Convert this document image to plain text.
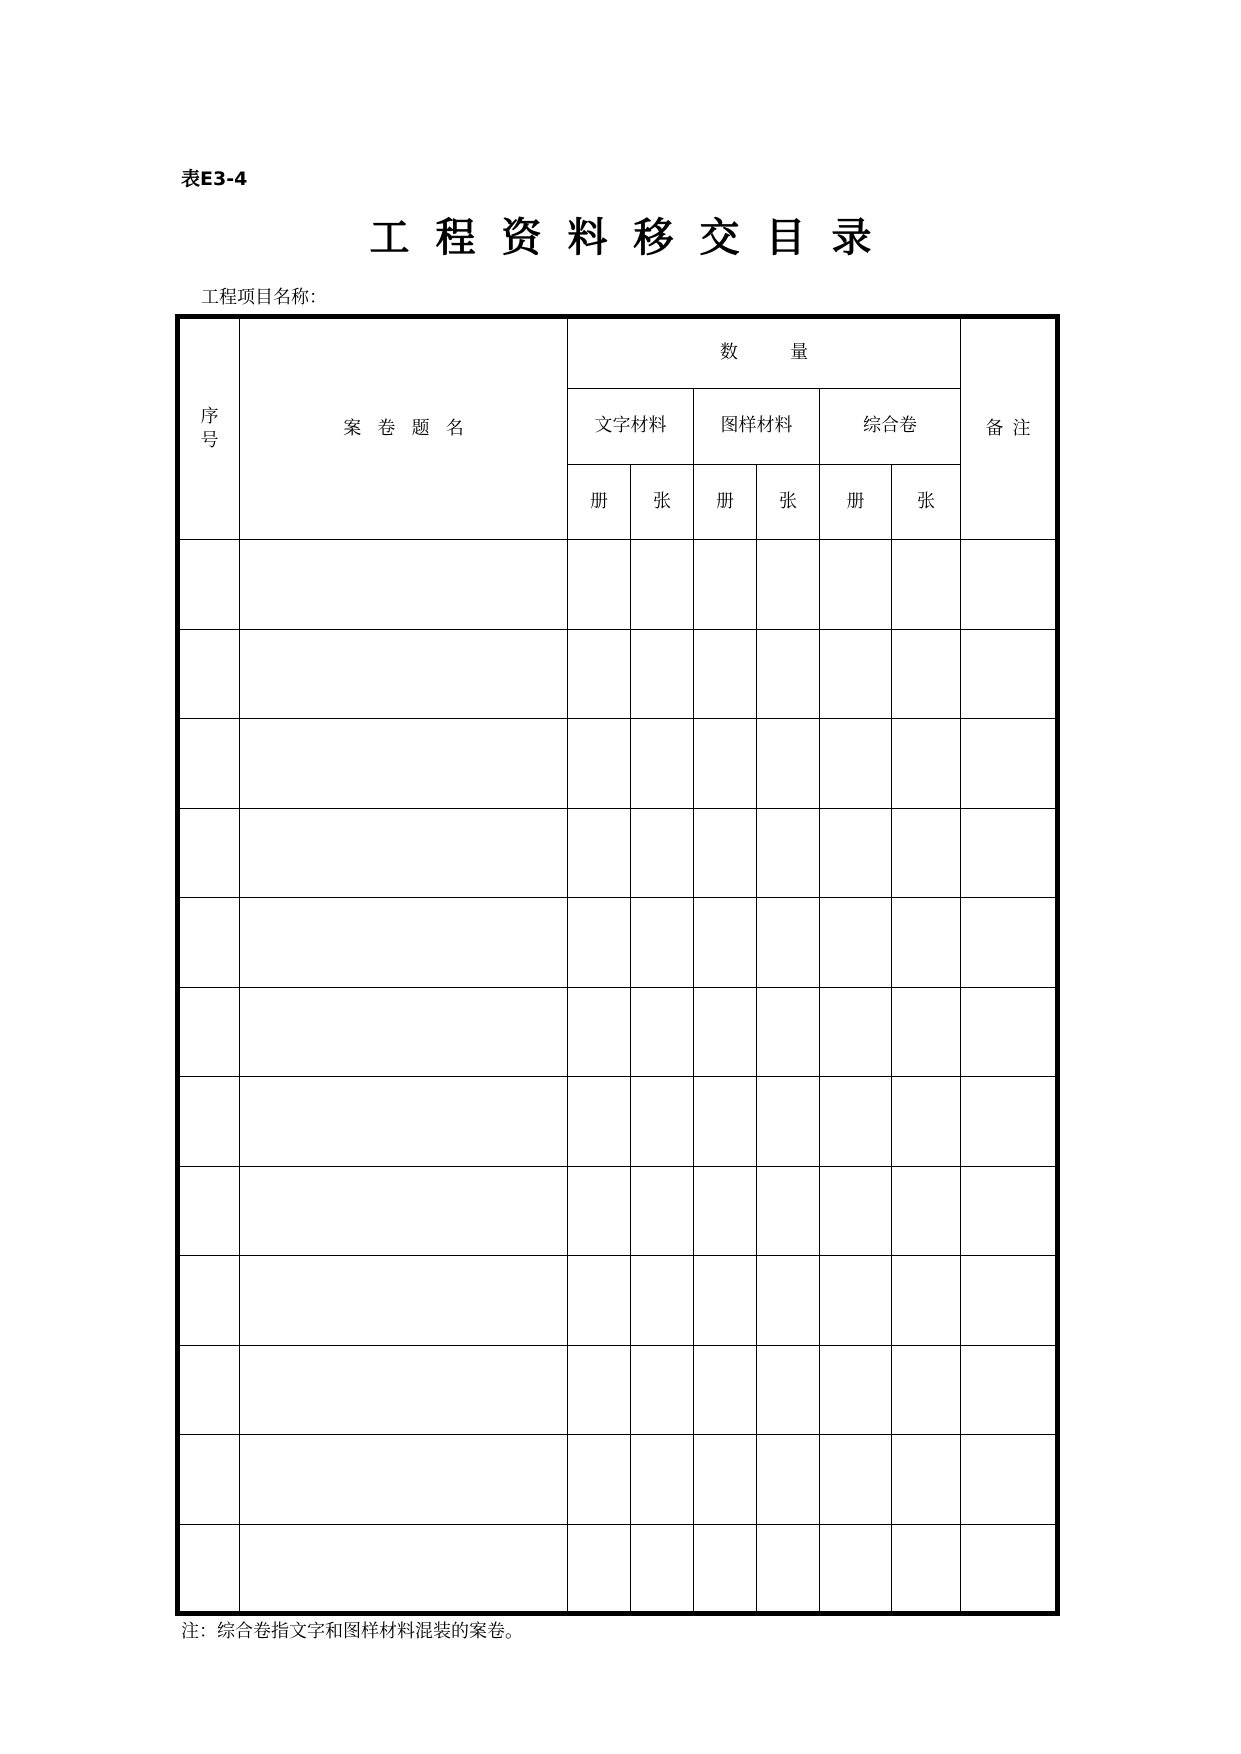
表E3-4
工程资料移交目录
工程项目名称：
序
号	案卷题名	数量						备注
		文字材料		图样材料		综合卷		
		册	张	册	张	册	张	

注：综合卷指文字和图样材料混装的案卷。
